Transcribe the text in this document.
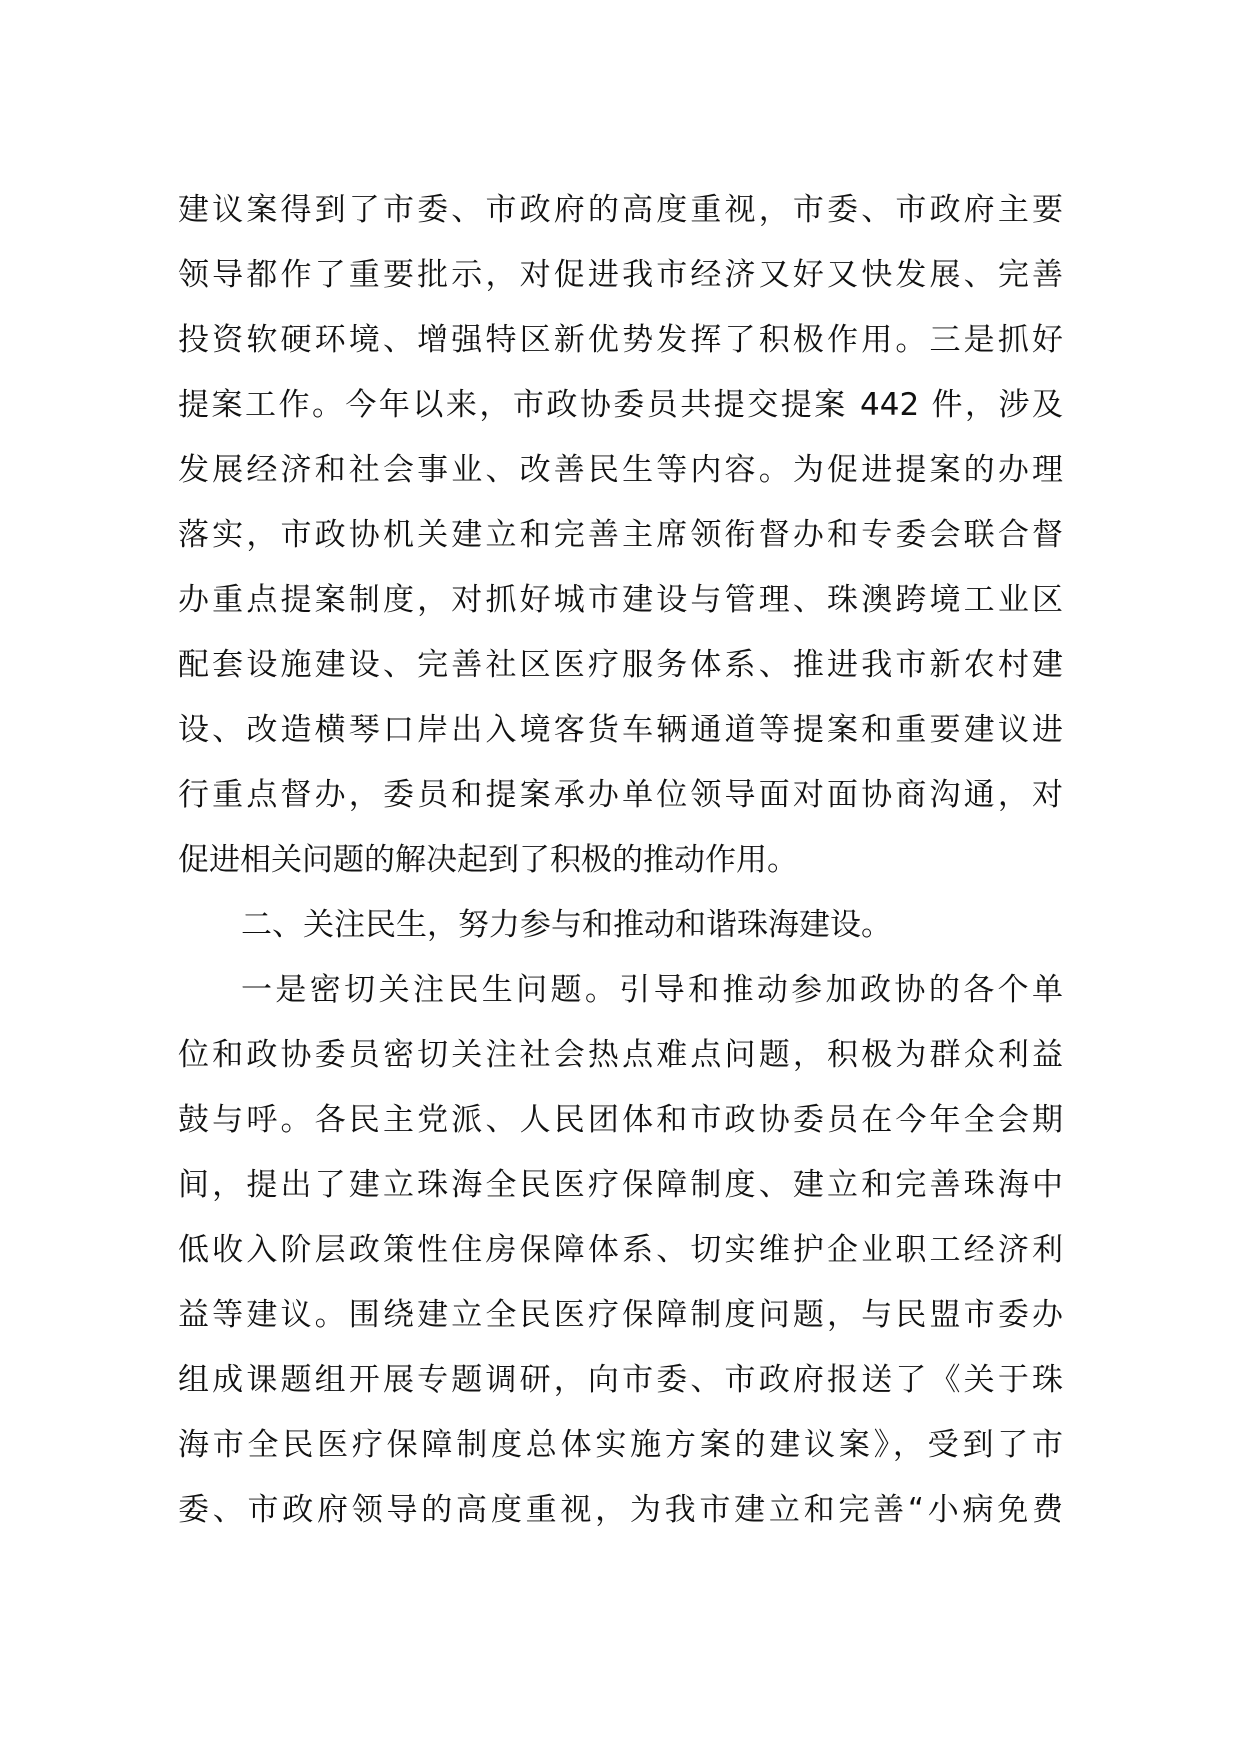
建议案得到了市委、市政府的高度重视，市委、市政府主要
领导都作了重要批示，对促进我市经济又好又快发展、完善
投资软硬环境、增强特区新优势发挥了积极作用。三是抓好
提案工作。今年以来，市政协委员共提交提案 442 件，涉及
发展经济和社会事业、改善民生等内容。为促进提案的办理
落实，市政协机关建立和完善主席领衔督办和专委会联合督
办重点提案制度，对抓好城市建设与管理、珠澳跨境工业区
配套设施建设、完善社区医疗服务体系、推进我市新农村建
设、改造横琴口岸出入境客货车辆通道等提案和重要建议进
行重点督办，委员和提案承办单位领导面对面协商沟通，对
促进相关问题的解决起到了积极的推动作用。
二、关注民生，努力参与和推动和谐珠海建设。
一是密切关注民生问题。引导和推动参加政协的各个单
位和政协委员密切关注社会热点难点问题，积极为群众利益
鼓与呼。各民主党派、人民团体和市政协委员在今年全会期
间，提出了建立珠海全民医疗保障制度、建立和完善珠海中
低收入阶层政策性住房保障体系、切实维护企业职工经济利
益等建议。围绕建立全民医疗保障制度问题，与民盟市委办
组成课题组开展专题调研，向市委、市政府报送了《关于珠
海市全民医疗保障制度总体实施方案的建议案》，受到了市
委、市政府领导的高度重视，为我市建立和完善“小病免费
